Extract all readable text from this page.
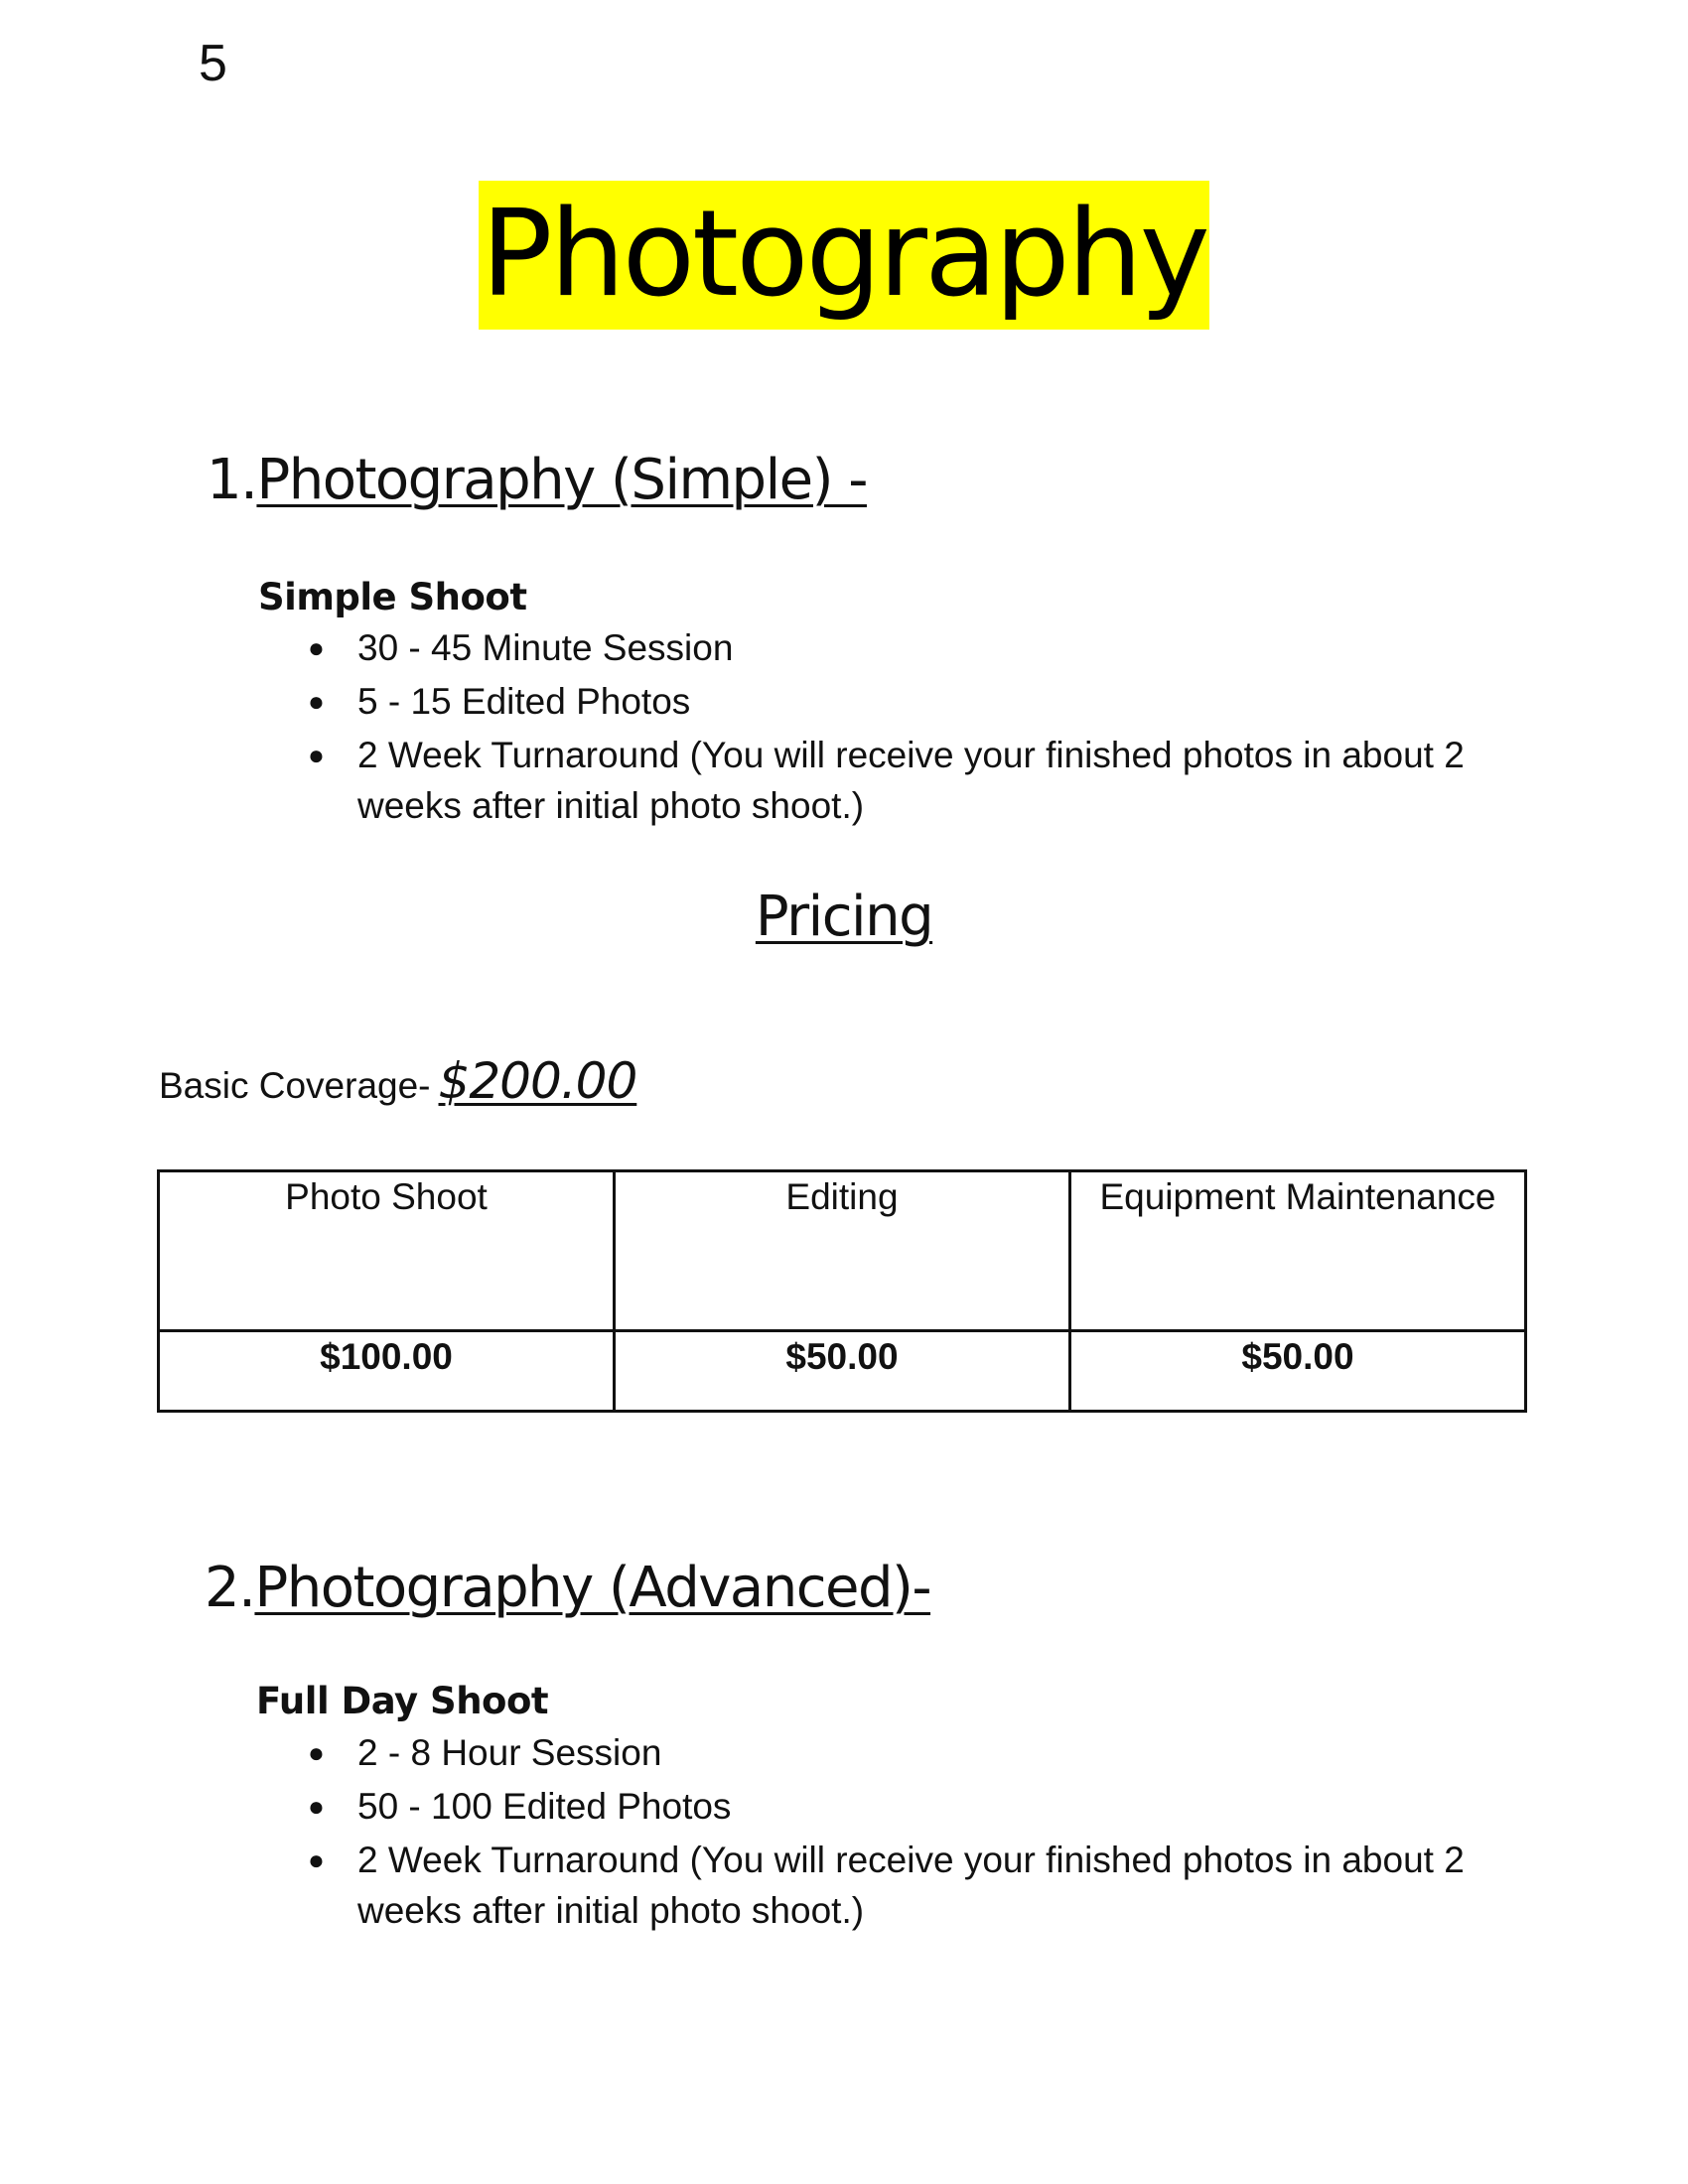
5
Photography
1.Photography (Simple) -
Simple Shoot
● 30 - 45 Minute Session
● 5 - 15 Edited Photos
● 2 Week Turnaround (You will receive your finished photos in about 2 weeks after initial photo shoot.)
Pricing
Basic Coverage- $200.00
Photo Shoot	Editing	Equipment Maintenance
$100.00	$50.00	$50.00
2.Photography (Advanced)-
Full Day Shoot
● 2 - 8 Hour Session
● 50 - 100 Edited Photos
● 2 Week Turnaround (You will receive your finished photos in about 2 weeks after initial photo shoot.)
